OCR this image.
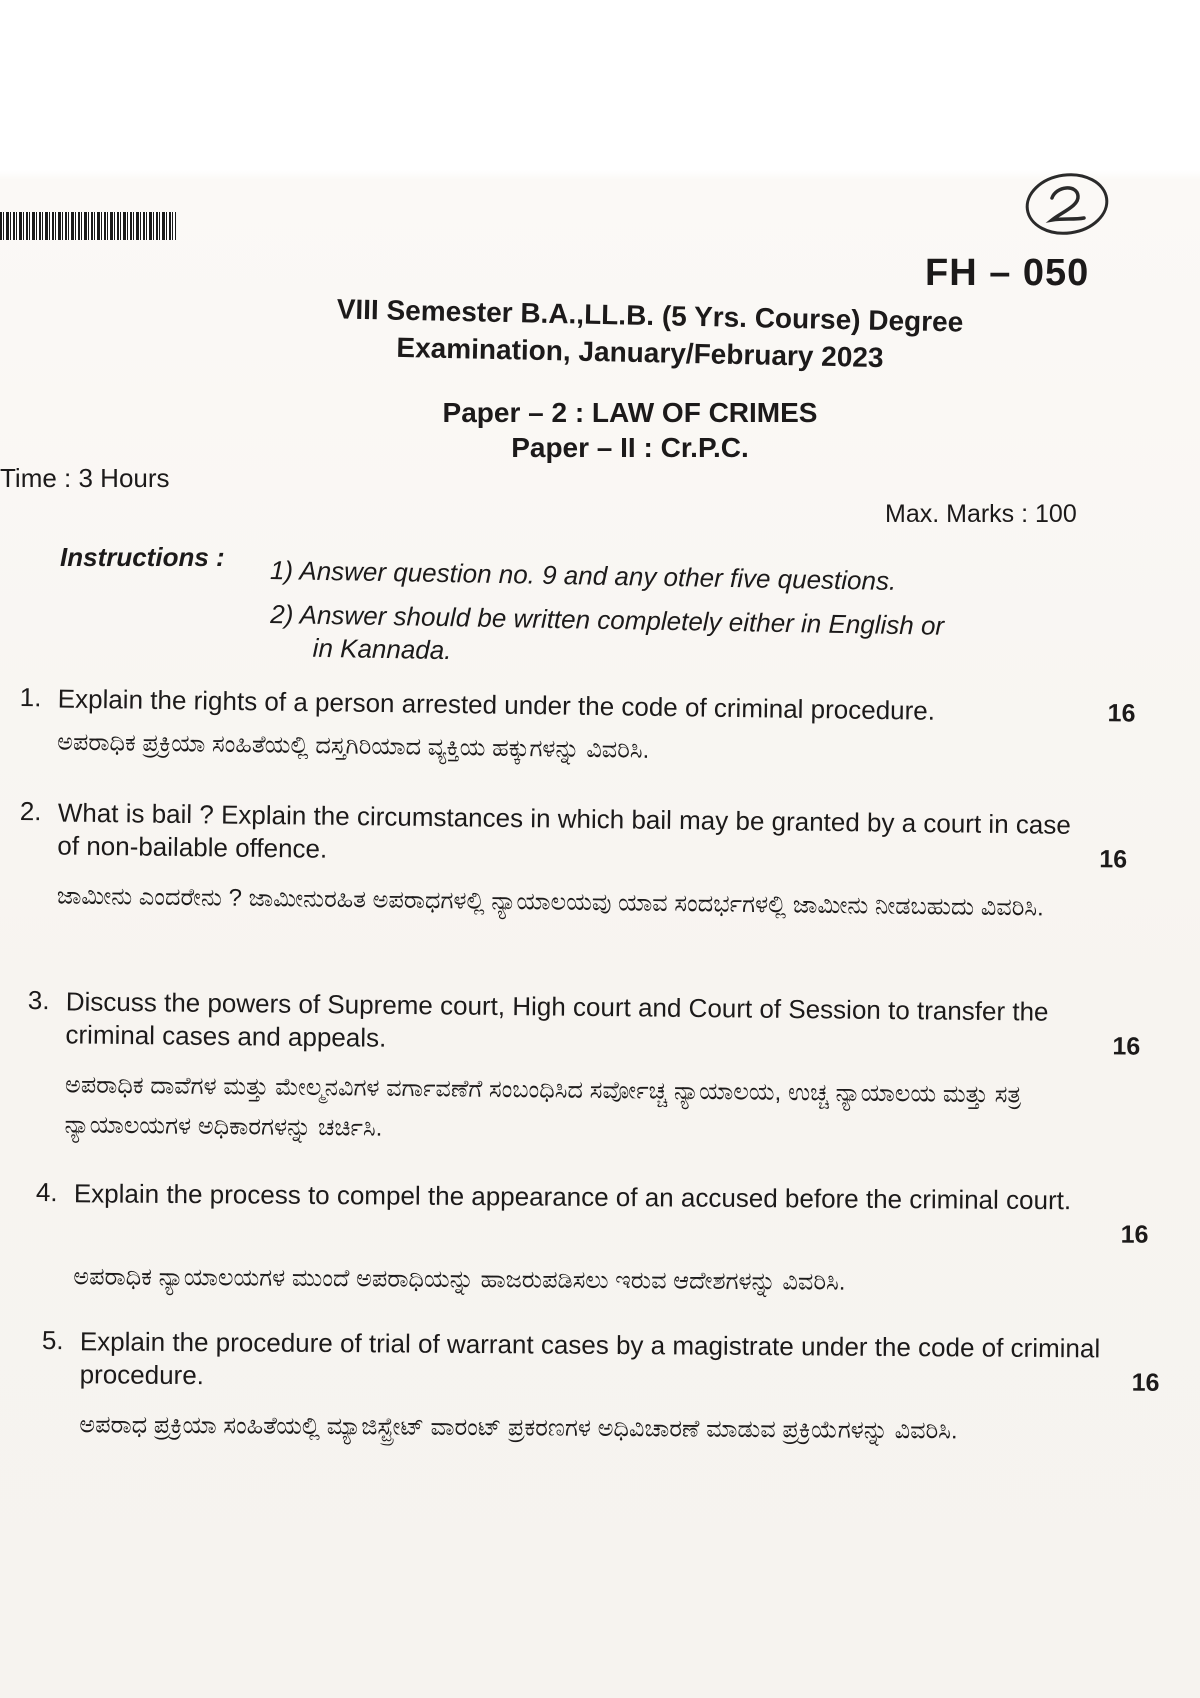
FH – 050
VIII Semester B.A.,LL.B. (5 Yrs. Course) Degree
Examination, January/February 2023
Paper – 2 : LAW OF CRIMES
Paper – II : Cr.P.C.
Time : 3 Hours
Max. Marks : 100
Instructions : 1) Answer question no. 9 and any other five questions.
2) Answer should be written completely either in English or
in Kannada.
1. Explain the rights of a person arrested under the code of criminal procedure.	16
ಅಪರಾಧಿಕ ಪ್ರಕ್ರಿಯಾ ಸಂಹಿತೆಯಲ್ಲಿ ದಸ್ತಗಿರಿಯಾದ ವ್ಯಕ್ತಿಯ ಹಕ್ಕುಗಳನ್ನು ವಿವರಿಸಿ.
2. What is bail ? Explain the circumstances in which bail may be granted by a court in case of non-bailable offence.	16
ಜಾಮೀನು ಎಂದರೇನು ? ಜಾಮೀನುರಹಿತ ಅಪರಾಧಗಳಲ್ಲಿ ನ್ಯಾಯಾಲಯವು ಯಾವ ಸಂದರ್ಭಗಳಲ್ಲಿ ಜಾಮೀನು ನೀಡಬಹುದು ವಿವರಿಸಿ.
3. Discuss the powers of Supreme court, High court and Court of Session to transfer the criminal cases and appeals.	16
ಅಪರಾಧಿಕ ದಾವೆಗಳ ಮತ್ತು ಮೇಲ್ಮನವಿಗಳ ವರ್ಗಾವಣೆಗೆ ಸಂಬಂಧಿಸಿದ ಸರ್ವೋಚ್ಚ ನ್ಯಾಯಾಲಯ, ಉಚ್ಚ ನ್ಯಾಯಾಲಯ ಮತ್ತು ಸತ್ರ ನ್ಯಾಯಾಲಯಗಳ ಅಧಿಕಾರಗಳನ್ನು ಚರ್ಚಿಸಿ.
4. Explain the process to compel the appearance of an accused before the criminal court.
16
ಅಪರಾಧಿಕ ನ್ಯಾಯಾಲಯಗಳ ಮುಂದೆ ಅಪರಾಧಿಯನ್ನು ಹಾಜರುಪಡಿಸಲು ಇರುವ ಆದೇಶಗಳನ್ನು ವಿವರಿಸಿ.
5. Explain the procedure of trial of warrant cases by a magistrate under the code of criminal procedure.	16
ಅಪರಾಧ ಪ್ರಕ್ರಿಯಾ ಸಂಹಿತೆಯಲ್ಲಿ ಮ್ಯಾಜಿಸ್ಟ್ರೇಟ್ ವಾರಂಟ್ ಪ್ರಕರಣಗಳ ಅಧಿವಿಚಾರಣೆ ಮಾಡುವ ಪ್ರಕ್ರಿಯೆಗಳನ್ನು ವಿವರಿಸಿ.
